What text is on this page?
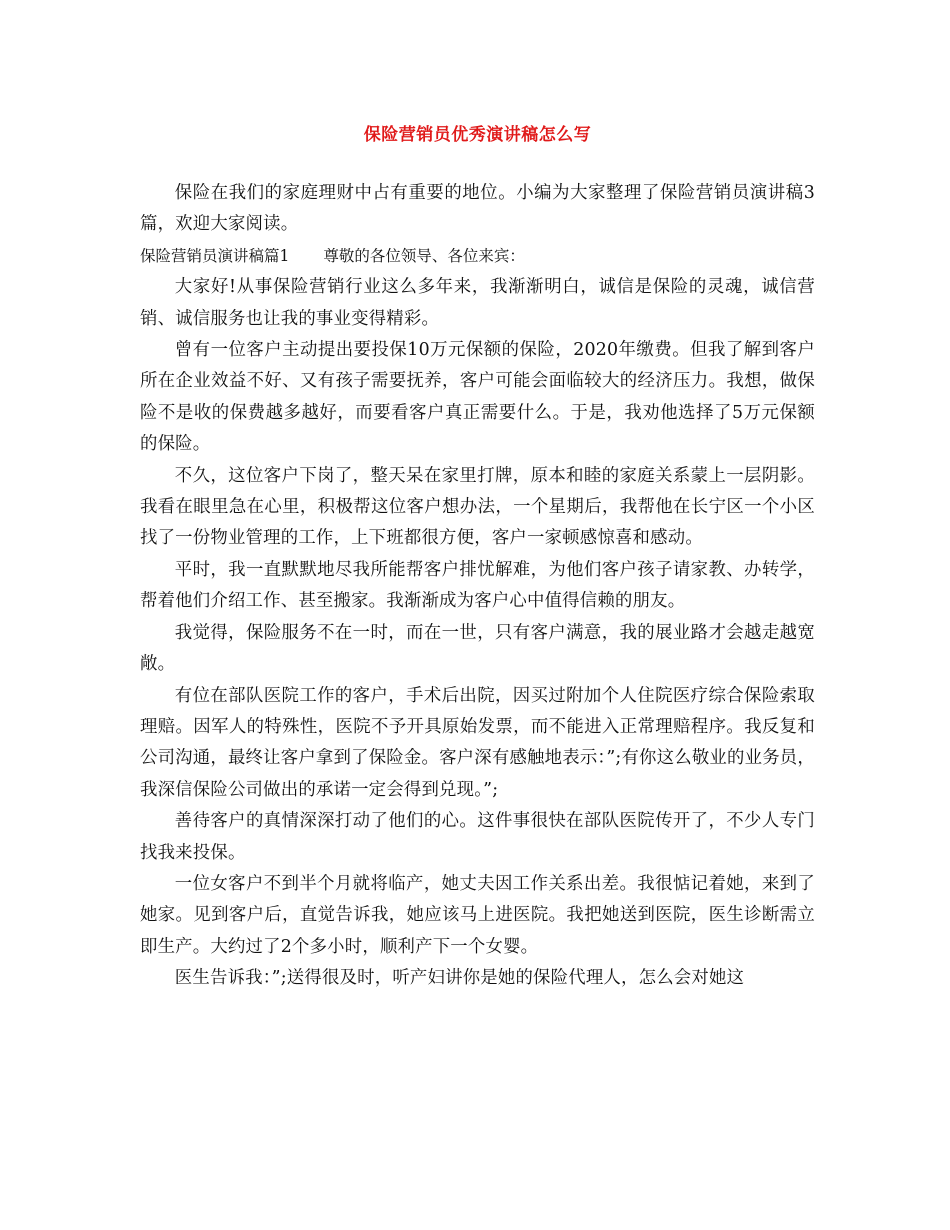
保险营销员优秀演讲稿怎么写

保险在我们的家庭理财中占有重要的地位。小编为大家整理了保险营销员演讲稿3篇，欢迎大家阅读。

保险营销员演讲稿篇1 尊敬的各位领导、各位来宾：

大家好!从事保险营销行业这么多年来，我渐渐明白，诚信是保险的灵魂，诚信营销、诚信服务也让我的事业变得精彩。

曾有一位客户主动提出要投保10万元保额的保险，2020年缴费。但我了解到客户所在企业效益不好、又有孩子需要抚养，客户可能会面临较大的经济压力。我想，做保险不是收的保费越多越好，而要看客户真正需要什么。于是，我劝他选择了5万元保额的保险。

不久，这位客户下岗了，整天呆在家里打牌，原本和睦的家庭关系蒙上一层阴影。我看在眼里急在心里，积极帮这位客户想办法，一个星期后，我帮他在长宁区一个小区找了一份物业管理的工作，上下班都很方便，客户一家顿感惊喜和感动。

平时，我一直默默地尽我所能帮客户排忧解难，为他们客户孩子请家教、办转学，帮着他们介绍工作、甚至搬家。我渐渐成为客户心中值得信赖的朋友。

我觉得，保险服务不在一时，而在一世，只有客户满意，我的展业路才会越走越宽敞。

有位在部队医院工作的客户，手术后出院，因买过附加个人住院医疗综合保险索取理赔。因军人的特殊性，医院不予开具原始发票，而不能进入正常理赔程序。我反复和公司沟通，最终让客户拿到了保险金。客户深有感触地表示：”;有你这么敬业的业务员，我深信保险公司做出的承诺一定会得到兑现。”;

善待客户的真情深深打动了他们的心。这件事很快在部队医院传开了，不少人专门找我来投保。

一位女客户不到半个月就将临产，她丈夫因工作关系出差。我很惦记着她，来到了她家。见到客户后，直觉告诉我，她应该马上进医院。我把她送到医院，医生诊断需立即生产。大约过了2个多小时，顺利产下一个女婴。

医生告诉我：”;送得很及时，听产妇讲你是她的保险代理人，怎么会对她这
